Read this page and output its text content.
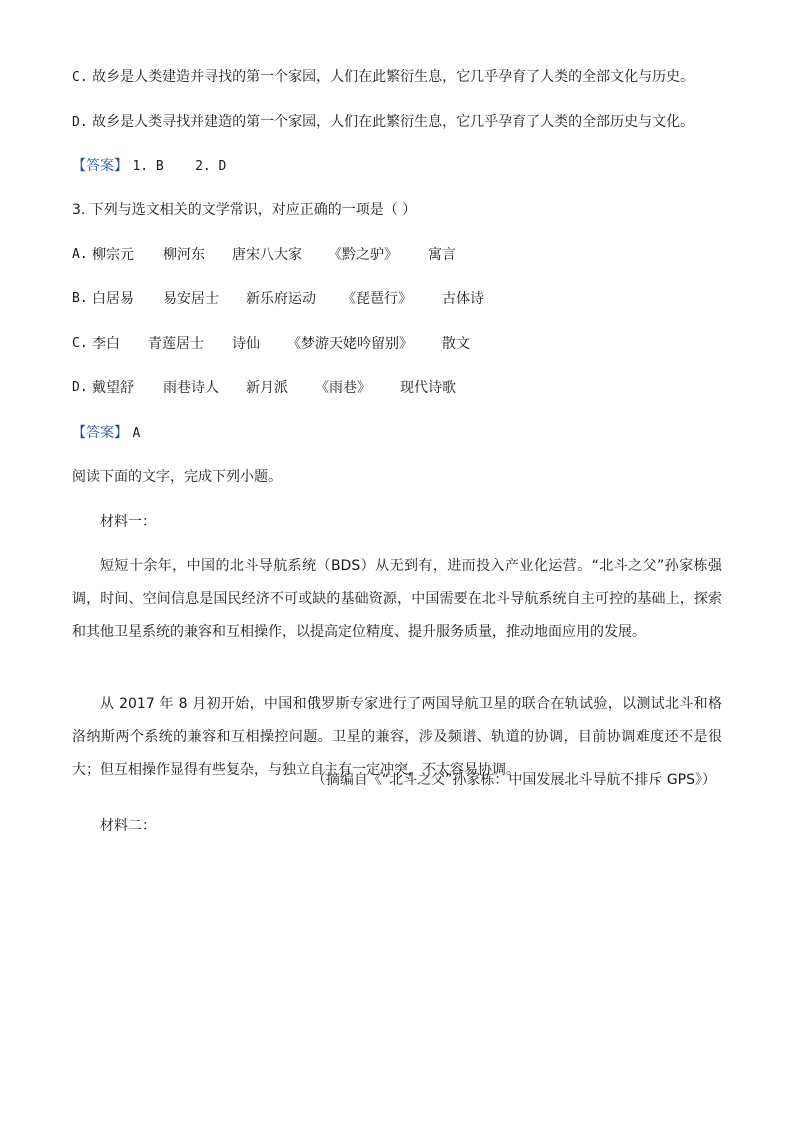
C. 故乡是人类建造并寻找的第一个家园，人们在此繁衍生息，它几乎孕育了人类的全部文化与历史。
D. 故乡是人类寻找并建造的第一个家园，人们在此繁衍生息，它几乎孕育了人类的全部历史与文化。
【答案】 1. B    2. D
3. 下列与选文相关的文学常识，对应正确的一项是（ ）
A. 柳宗元 柳河东 唐宋八大家 《黔之驴》 寓言
B. 白居易 易安居士 新乐府运动 《琵琶行》 古体诗
C. 李白 青莲居士 诗仙 《梦游天姥吟留别》 散文
D. 戴望舒 雨巷诗人 新月派 《雨巷》 现代诗歌
【答案】 A
阅读下面的文字，完成下列小题。
材料一：
短短十余年，中国的北斗导航系统（BDS）从无到有，进而投入产业化运营。“北斗之父”孙家栋强调，时间、空间信息是国民经济不可或缺的基础资源，中国需要在北斗导航系统自主可控的基础上，探索和其他卫星系统的兼容和互相操作，以提高定位精度、提升服务质量，推动地面应用的发展。
从 2017 年 8 月初开始，中国和俄罗斯专家进行了两国导航卫星的联合在轨试验，以测试北斗和格洛纳斯两个系统的兼容和互相操控问题。卫星的兼容，涉及频谱、轨道的协调，目前协调难度还不是很大；但互相操作显得有些复杂，与独立自主有一定冲突，不太容易协调。
（摘编自《“北斗之父”孙家栋：中国发展北斗导航不排斥 GPS》）
材料二：
